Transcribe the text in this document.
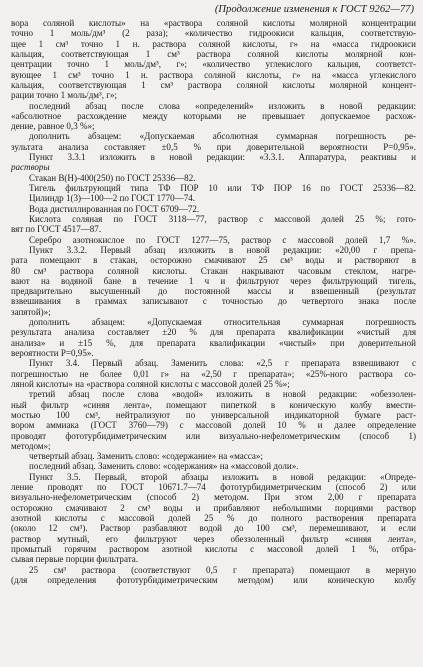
(Продолжение изменения к ГОСТ 9262—77)
вора соляной кислоты» на «раствора соляной кислоты молярной концентрации
точно 1 моль/дм³ (2 раза); «количество гидроокиси кальция, соответствую-
щее 1 см³ точно 1 н. раствора соляной кислоты, г» на «масса гидроокиси
кальция, соответствующая 1 см³ раствора соляной кислоты молярной кон-
центрации точно 1 моль/дм³, г»; «количество углекислого кальция, соответст-
вующее 1 см³ точно 1 н. раствора соляной кислоты, г» на «масса углекислого
кальция, соответствующая 1 см³ раствора соляной кислоты молярной концент-
рации точно 1 моль/дм³, г»;
последний абзац после слова «определений» изложить в новой редакции:
«абсолютное расхождение между которыми не превышает допускаемое расхож-
дение, равное 0,3 %»;
дополнить абзацем: «Допускаемая абсолютная суммарная погрешность ре-
зультата анализа составляет ±0,5 % при доверительной вероятности P=0,95».
Пункт 3.3.1 изложить в новой редакции: «3.3.1. Аппаратура, реактивы и
растворы
Стакан В(Н)-400(250) по ГОСТ 25336—82.
Тигель фильтрующий типа ТФ ПОР 10 или ТФ ПОР 16 по ГОСТ 25336—82.
Цилиндр 1(3)—100—2 по ГОСТ 1770—74.
Вода дистиллированная по ГОСТ 6709—72.
Кислота соляная по ГОСТ 3118—77, раствор с массовой долей 25 %; гото-
вят по ГОСТ 4517—87.
Серебро азотнокислое по ГОСТ 1277—75, раствор с массовой долей 1,7 %».
Пункт 3.3.2. Первый абзац изложить в новой редакции: «20,00 г препа-
рата помещают в стакан, осторожно смачивают 25 см³ воды и растворяют в
80 см³ раствора соляной кислоты. Стакан накрывают часовым стеклом, нагре-
вают на водяной бане в течение 1 ч и фильтруют через фильтрующий тигель,
предварительно высушенный до постоянной массы и взвешенный (результат
взвешивания в граммах записывают с точностью до четвертого знака после
запятой)»;
дополнить абзацем: «Допускаемая относительная суммарная погрешность
результата анализа составляет ±20 % для препарата квалификации «чистый для
анализа» и ±15 %, для препарата квалификации «чистый» при доверительной
вероятности P=0,95».
Пункт 3.4. Первый абзац. Заменить слова: «2,5 г препарата взвешивают с
погрешностью не более 0,01 г» на «2,50 г препарата»; «25%-ного раствора со-
ляной кислоты» на «раствора соляной кислоты с массовой долей 25 %»;
третий абзац после слова «водой» изложить в новой редакции: «обеззолен-
ный фильтр «синяя лента», помещают пипеткой в коническую колбу вмести-
мостью 100 см³, нейтрализуют по универсальной индикаторной бумаге раст-
вором аммиака (ГОСТ 3760—79) с массовой долей 10 % и далее определение
проводят фототурбидиметрическим или визуально-нефелометрическим (способ 1)
методом»;
четвертый абзац. Заменить слово: «содержание» на «масса»;
последний абзац. Заменить слово: «содержания» на «массовой доли».
Пункт 3.5. Первый, второй абзацы изложить в новой редакции: «Опреде-
ление проводят по ГОСТ 10671.7—74 фототурбидиметрическим (способ 2) или
визуально-нефелометрическим (способ 2) методом. При этом 2,00 г препарата
осторожно смачивают 2 см³ воды и прибавляют небольшими порциями раствор
азотной кислоты с массовой долей 25 % до полного растворения препарата
(около 12 см³). Раствор разбавляют водой до 100 см³, перемешивают, и если
раствор мутный, его фильтруют через обеззоленный фильтр «синяя лента»,
промытый горячим раствором азотной кислоты с массовой долей 1 %, отбра-
сывая первые порции фильтрата.
25 см³ раствора (соответствуют 0,5 г препарата) помещают в мерную
(для определения фототурбидиметрическим методом) или коническую колбу
